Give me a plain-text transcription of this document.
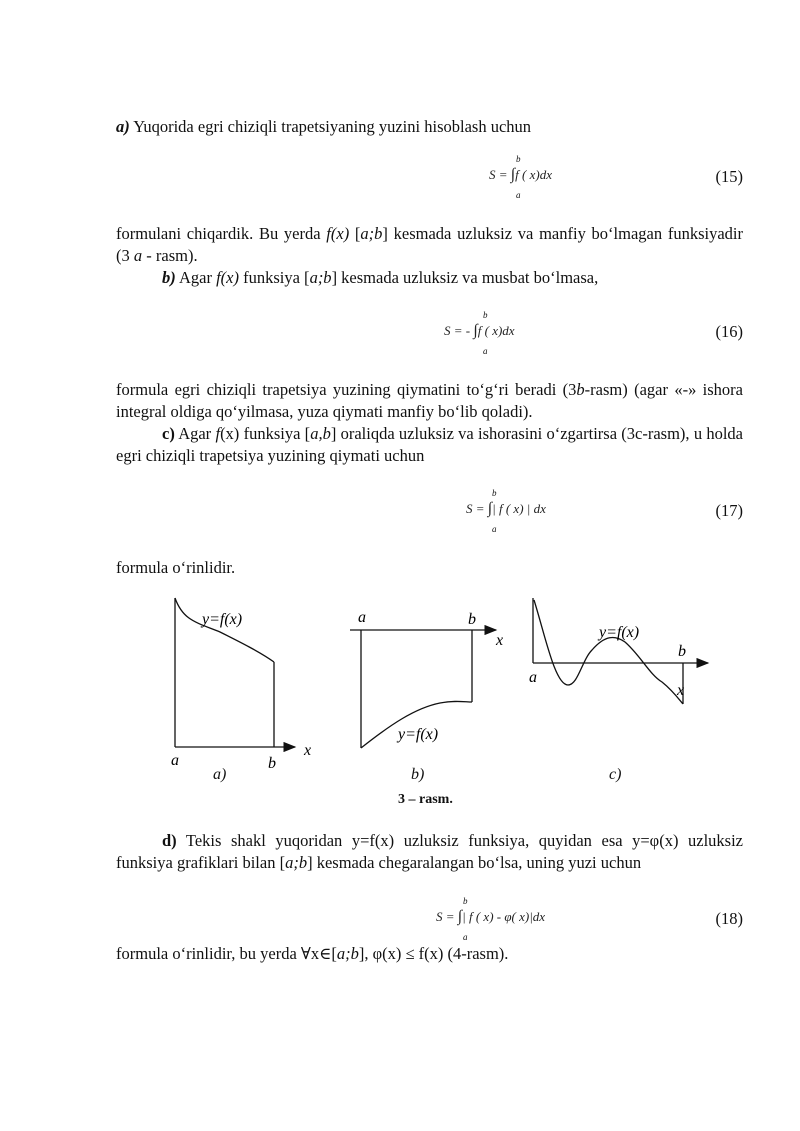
a) Yuqorida egri chiziqli trapetsiyaning yuzini hisoblash uchun
S = ∫f ( x)dx
b
a
(15)
formulani chiqardik. Bu yerda f(x) [a;b] kesmada uzluksiz va manfiy bo‘lmagan funksiyadir (3 a - rasm).
b) Agar f(x) funksiya [a;b] kesmada uzluksiz va musbat bo‘lmasa,
S = - ∫f ( x)dx
b
a
(16)
formula egri chiziqli trapetsiya yuzining qiymatini to‘g‘ri beradi (3b-rasm) (agar «-» ishora integral oldiga qo‘yilmasa, yuza qiymati manfiy bo‘lib qoladi).
c) Agar f(x) funksiya [a,b] oraliqda uzluksiz va ishorasini o‘zgartirsa (3c-rasm), u holda egri chiziqli trapetsiya yuzining qiymati uchun
S = ∫| f ( x) | dx
b
a
(17)
formula o‘rinlidir.
y=f(x)
a	b
x
a	b
x
y=f(x)
y=f(x)
b
a
x
a)	b)	c)
3 – rasm.
d) Tekis shakl yuqoridan y=f(x) uzluksiz funksiya, quyidan esa y=φ(x) uzluksiz funksiya grafiklari bilan [a;b] kesmada chegaralangan bo‘lsa, uning yuzi uchun
S = ∫| f ( x) - φ( x)|dx
b
a
(18)
formula o‘rinlidir, bu yerda ∀x∈[a;b], φ(x) ≤ f(x) (4-rasm).
